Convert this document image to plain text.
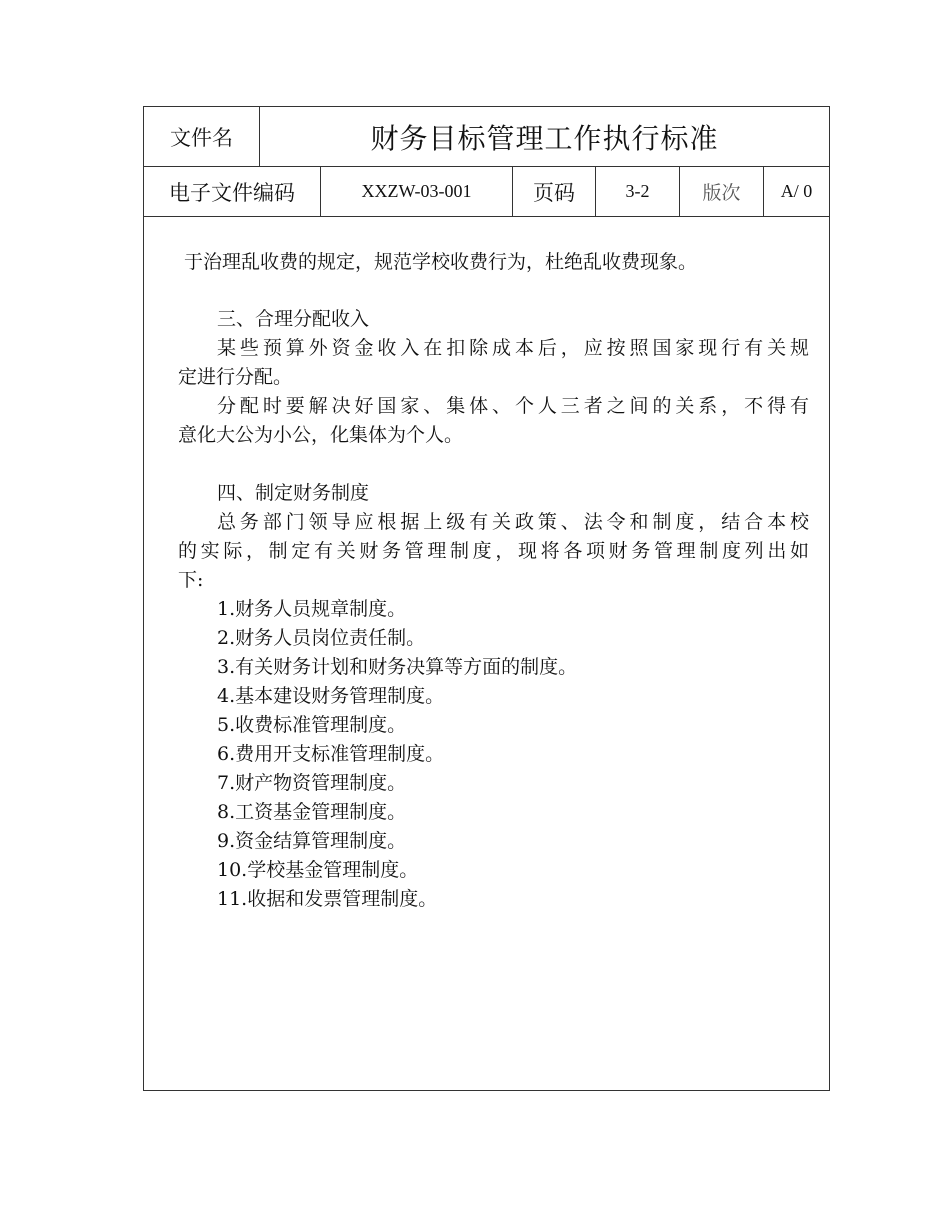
文件名	财务目标管理工作执行标准
电子文件编码	XXZW-03-001	页码	3-2	版次	A/ 0
于治理乱收费的规定，规范学校收费行为，杜绝乱收费现象。
三、合理分配收入
某些预算外资金收入在扣除成本后，应按照国家现行有关规
定进行分配。
分配时要解决好国家、集体、个人三者之间的关系，不得有
意化大公为小公，化集体为个人。
四、制定财务制度
总务部门领导应根据上级有关政策、法令和制度，结合本校
的实际，制定有关财务管理制度，现将各项财务管理制度列出如
下:
1.财务人员规章制度。
2.财务人员岗位责任制。
3.有关财务计划和财务决算等方面的制度。
4.基本建设财务管理制度。
5.收费标准管理制度。
6.费用开支标准管理制度。
7.财产物资管理制度。
8.工资基金管理制度。
9.资金结算管理制度。
10.学校基金管理制度。
11.收据和发票管理制度。
